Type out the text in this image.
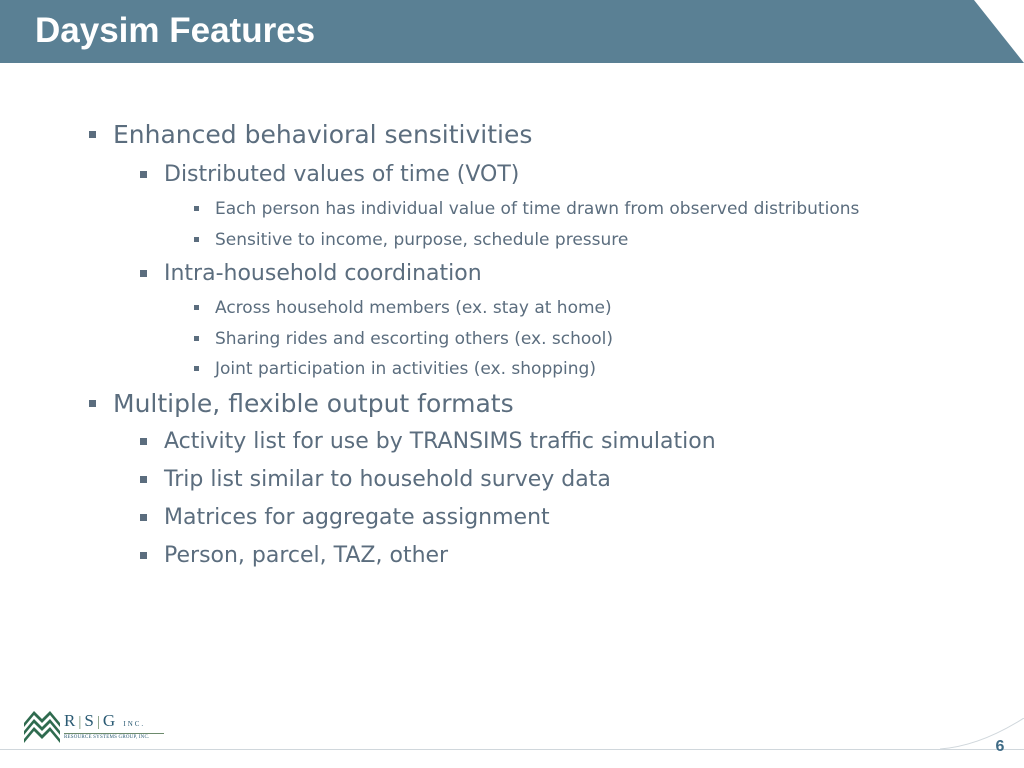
Daysim Features
Enhanced behavioral sensitivities
Distributed values of time (VOT)
Each person has individual value of time drawn from observed distributions
Sensitive to income, purpose, schedule pressure
Intra-household coordination
Across household members (ex. stay at home)
Sharing rides and escorting others (ex. school)
Joint participation in activities (ex. shopping)
Multiple, flexible output formats
Activity list for use by TRANSIMS traffic simulation
Trip list similar to household survey data
Matrices for aggregate assignment
Person, parcel, TAZ, other
R | S | G INC.
RESOURCE SYSTEMS GROUP, INC.
6
